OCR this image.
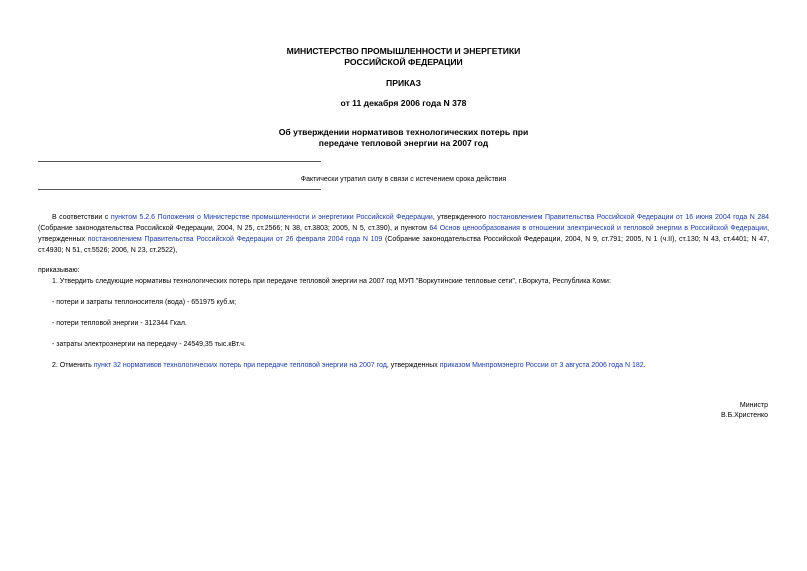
МИНИСТЕРСТВО ПРОМЫШЛЕННОСТИ И ЭНЕРГЕТИКИ
РОССИЙСКОЙ ФЕДЕРАЦИИ
ПРИКАЗ
от 11 декабря 2006 года N 378
Об утверждении нормативов технологических потерь при
передаче тепловой энергии на 2007 год
Фактически утратил силу в связи с истечением срока действия
В соответствии с пунктом 5.2.6 Положения о Министерстве промышленности и энергетики Российской Федерации, утвержденного постановлением Правительства Российской Федерации от 16 июня 2004 года N 284 (Собрание законодательства Российской Федерации, 2004, N 25, ст.2566; N 38, ст.3803; 2005, N 5, ст.390), и пунктом 64 Основ ценообразования в отношении электрической и тепловой энергии в Российской Федерации, утвержденных постановлением Правительства Российской Федерации от 26 февраля 2004 года N 109 (Собрание законодательства Российской Федерации, 2004, N 9, ст.791; 2005, N 1 (ч.II), ст.130; N 43, ст.4401; N 47, ст.4930; N 51, ст.5526; 2006, N 23, ст.2522),
приказываю:
1. Утвердить следующие нормативы технологических потерь при передаче тепловой энергии на 2007 год МУП "Воркутинские тепловые сети", г.Воркута, Республика Коми:
- потери и затраты теплоносителя (вода) - 651975 куб.м;
- потери тепловой энергии - 312344 Гкал.
- затраты электроэнергии на передачу - 24549,35 тыс.кВт.ч.
2. Отменить пункт 32 нормативов технологических потерь при передаче тепловой энергии на 2007 год, утвержденных приказом Минпромэнерго России от 3 августа 2006 года N 182.
Министр
В.Б.Христенко
